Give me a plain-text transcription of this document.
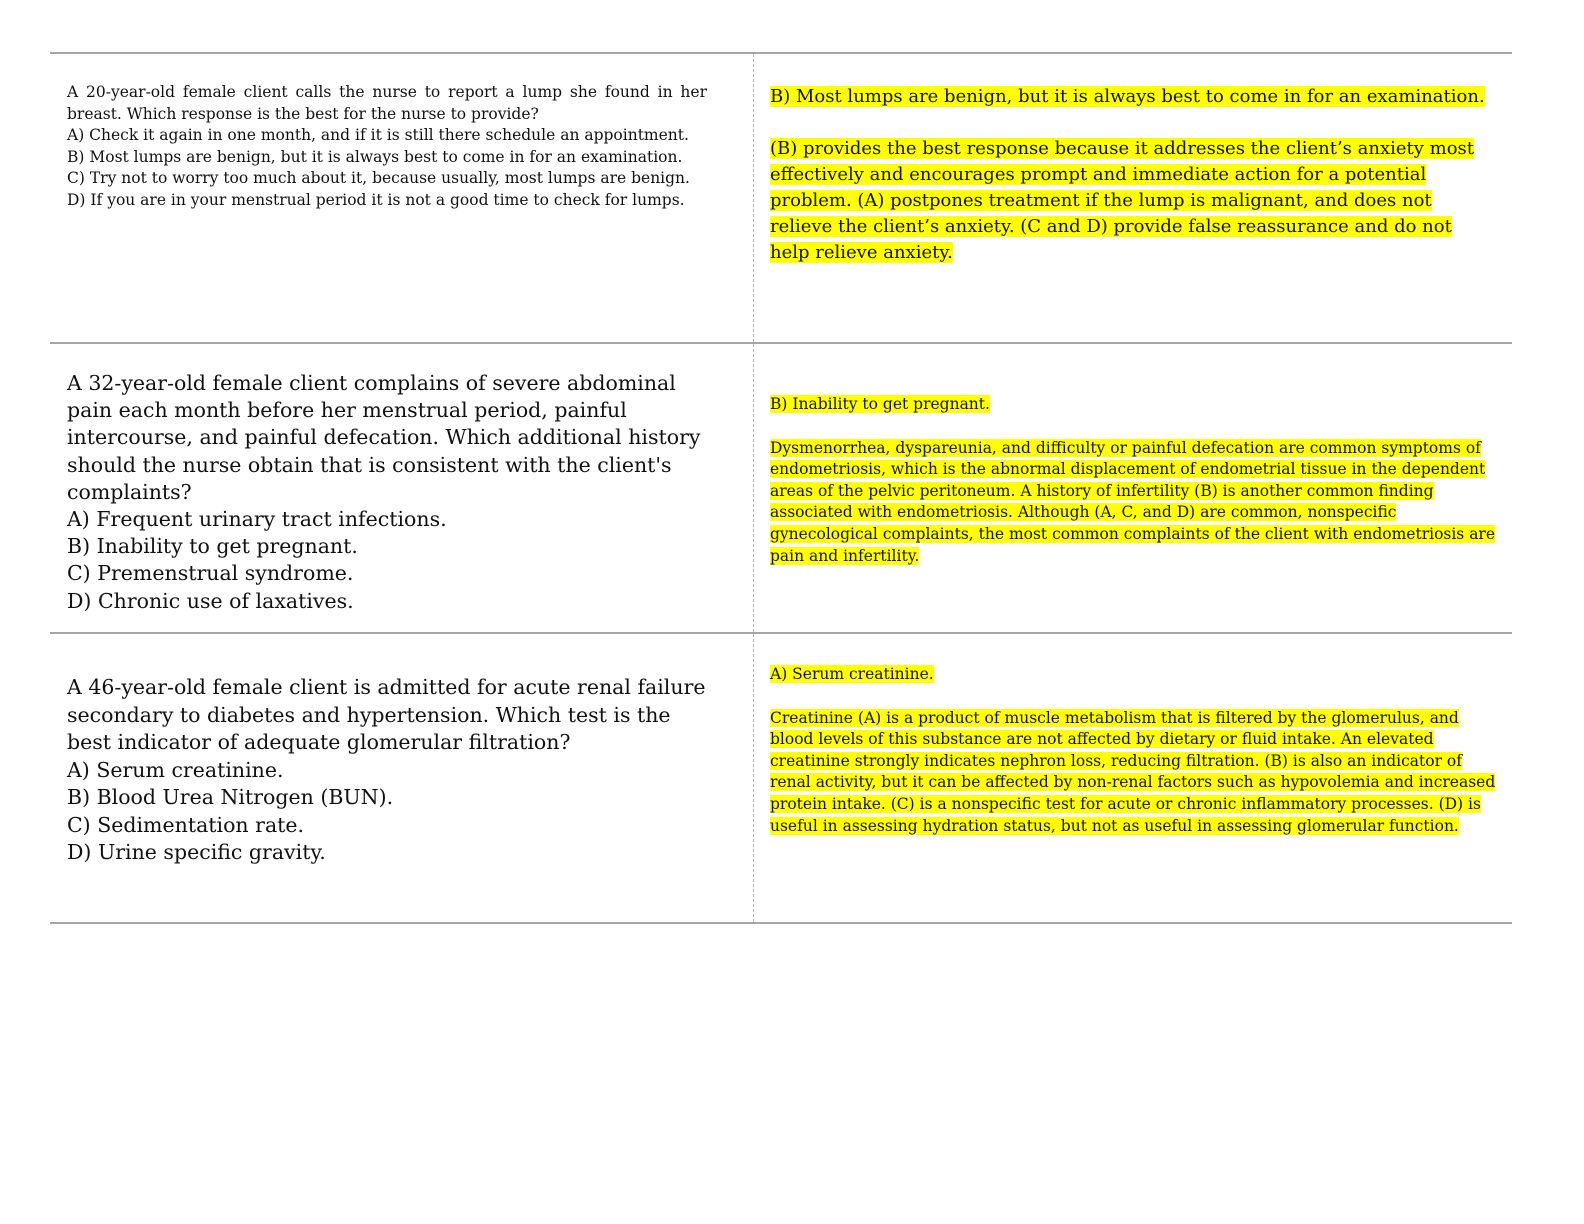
A 20-year-old female client calls the nurse to report a lump she found in her breast. Which response is the best for the nurse to provide?

A) Check it again in one month, and if it is still there schedule an appointment.

B) Most lumps are benign, but it is always best to come in for an examination.

C) Try not to worry too much about it, because usually, most lumps are benign.

D) If you are in your menstrual period it is not a good time to check for lumps.

B) Most lumps are benign, but it is always best to come in for an examination.

(B) provides the best response because it addresses the client’s anxiety most effectively and encourages prompt and immediate action for a potential problem. (A) postpones treatment if the lump is malignant, and does not relieve the client’s anxiety. (C and D) provide false reassurance and do not help relieve anxiety.

A 32-year-old female client complains of severe abdominal pain each month before her menstrual period, painful intercourse, and painful defecation. Which additional history should the nurse obtain that is consistent with the client's complaints?

A) Frequent urinary tract infections.

B) Inability to get pregnant.

C) Premenstrual syndrome.

D) Chronic use of laxatives.

B) Inability to get pregnant.

Dysmenorrhea, dyspareunia, and difficulty or painful defecation are common symptoms of endometriosis, which is the abnormal displacement of endometrial tissue in the dependent areas of the pelvic peritoneum. A history of infertility (B) is another common finding associated with endometriosis. Although (A, C, and D) are common, nonspecific gynecological complaints, the most common complaints of the client with endometriosis are pain and infertility.

A 46-year-old female client is admitted for acute renal failure secondary to diabetes and hypertension. Which test is the best indicator of adequate glomerular filtration?

A) Serum creatinine.

B) Blood Urea Nitrogen (BUN).

C) Sedimentation rate.

D) Urine specific gravity.

A) Serum creatinine.

Creatinine (A) is a product of muscle metabolism that is filtered by the glomerulus, and blood levels of this substance are not affected by dietary or fluid intake. An elevated creatinine strongly indicates nephron loss, reducing filtration. (B) is also an indicator of renal activity, but it can be affected by non-renal factors such as hypovolemia and increased protein intake. (C) is a nonspecific test for acute or chronic inflammatory processes. (D) is useful in assessing hydration status, but not as useful in assessing glomerular function.
